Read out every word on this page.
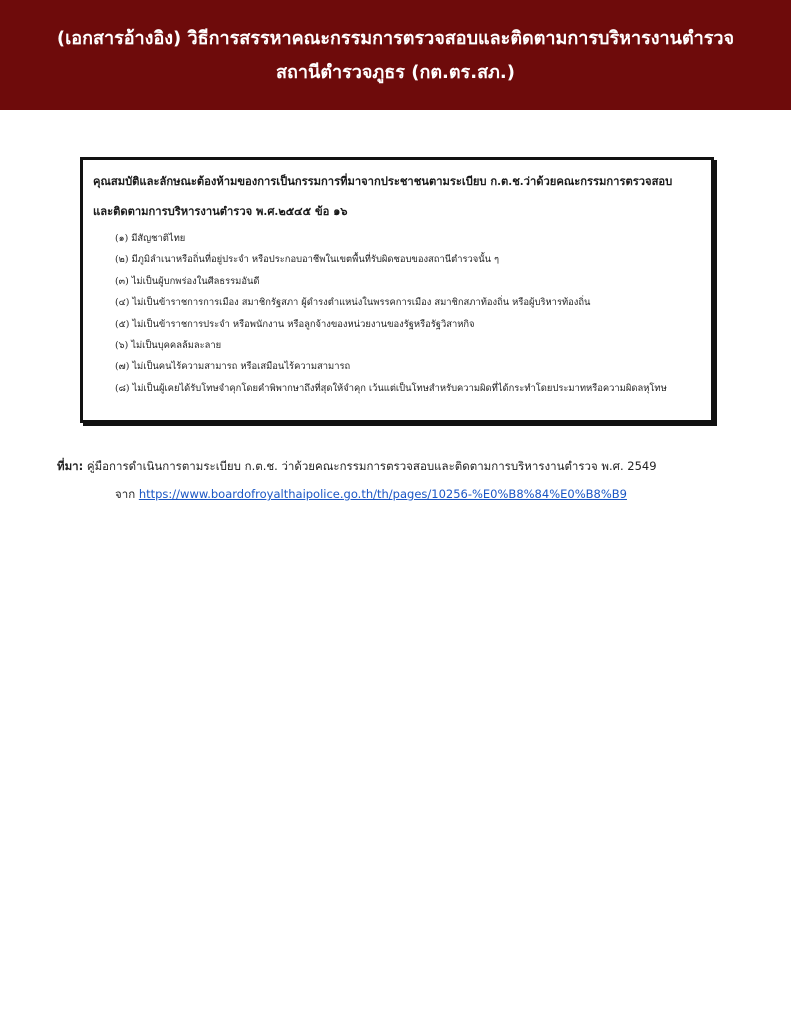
(เอกสารอ้างอิง) วิธีการสรรหาคณะกรรมการตรวจสอบและติดตามการบริหารงานตำรวจ
สถานีตำรวจภูธร (กต.ตร.สภ.)
คุณสมบัติและลักษณะต้องห้ามของการเป็นกรรมการที่มาจากประชาชนตามระเบียบ ก.ต.ช.ว่าด้วยคณะกรรมการตรวจสอบ
และติดตามการบริหารงานตำรวจ พ.ศ.๒๕๔๕ ข้อ ๑๖
(๑) มีสัญชาติไทย
(๒) มีภูมิลำเนาหรือถิ่นที่อยู่ประจำ หรือประกอบอาชีพในเขตพื้นที่รับผิดชอบของสถานีตำรวจนั้น ๆ
(๓) ไม่เป็นผู้บกพร่องในศีลธรรมอันดี
(๔) ไม่เป็นข้าราชการการเมือง สมาชิกรัฐสภา ผู้ดำรงตำแหน่งในพรรคการเมือง สมาชิกสภาท้องถิ่น หรือผู้บริหารท้องถิ่น
(๕) ไม่เป็นข้าราชการประจำ หรือพนักงาน หรือลูกจ้างของหน่วยงานของรัฐหรือรัฐวิสาหกิจ
(๖) ไม่เป็นบุคคลล้มละลาย
(๗) ไม่เป็นคนไร้ความสามารถ หรือเสมือนไร้ความสามารถ
(๘) ไม่เป็นผู้เคยได้รับโทษจำคุกโดยคำพิพากษาถึงที่สุดให้จำคุก เว้นแต่เป็นโทษสำหรับความผิดที่ได้กระทำโดยประมาทหรือความผิดลหุโทษ
ที่มา: คู่มือการดำเนินการตามระเบียบ ก.ต.ช. ว่าด้วยคณะกรรมการตรวจสอบและติดตามการบริหารงานตำรวจ พ.ศ. 2549
จาก https://www.boardofroyalthaipolice.go.th/th/pages/10256-%E0%B8%84%E0%B8%B9
